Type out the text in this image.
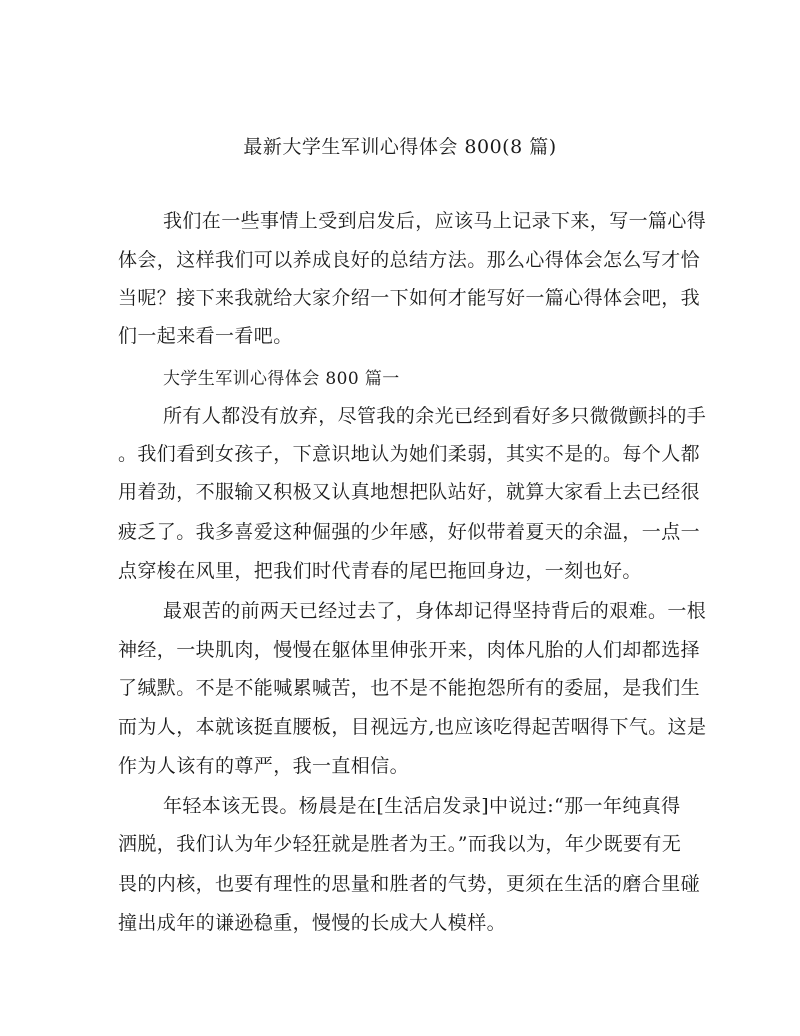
最新大学生军训心得体会 800(8 篇)
我们在一些事情上受到启发后，应该马上记录下来，写一篇心得
体会，这样我们可以养成良好的总结方法。那么心得体会怎么写才恰
当呢？接下来我就给大家介绍一下如何才能写好一篇心得体会吧，我
们一起来看一看吧。
大学生军训心得体会 800 篇一
所有人都没有放弃，尽管我的余光已经到看好多只微微颤抖的手
。我们看到女孩子，下意识地认为她们柔弱，其实不是的。每个人都
用着劲，不服输又积极又认真地想把队站好，就算大家看上去已经很
疲乏了。我多喜爱这种倔强的少年感，好似带着夏天的余温，一点一
点穿梭在风里，把我们时代青春的尾巴拖回身边，一刻也好。
最艰苦的前两天已经过去了，身体却记得坚持背后的艰难。一根
神经，一块肌肉，慢慢在躯体里伸张开来，肉体凡胎的人们却都选择
了缄默。不是不能喊累喊苦，也不是不能抱怨所有的委屈，是我们生
而为人，本就该挺直腰板，目视远方,也应该吃得起苦咽得下气。这是
作为人该有的尊严，我一直相信。
年轻本该无畏。杨晨是在[生活启发录]中说过:“那一年纯真得
洒脱，我们认为年少轻狂就是胜者为王。”而我以为，年少既要有无
畏的内核，也要有理性的思量和胜者的气势，更须在生活的磨合里碰
撞出成年的谦逊稳重，慢慢的长成大人模样。
